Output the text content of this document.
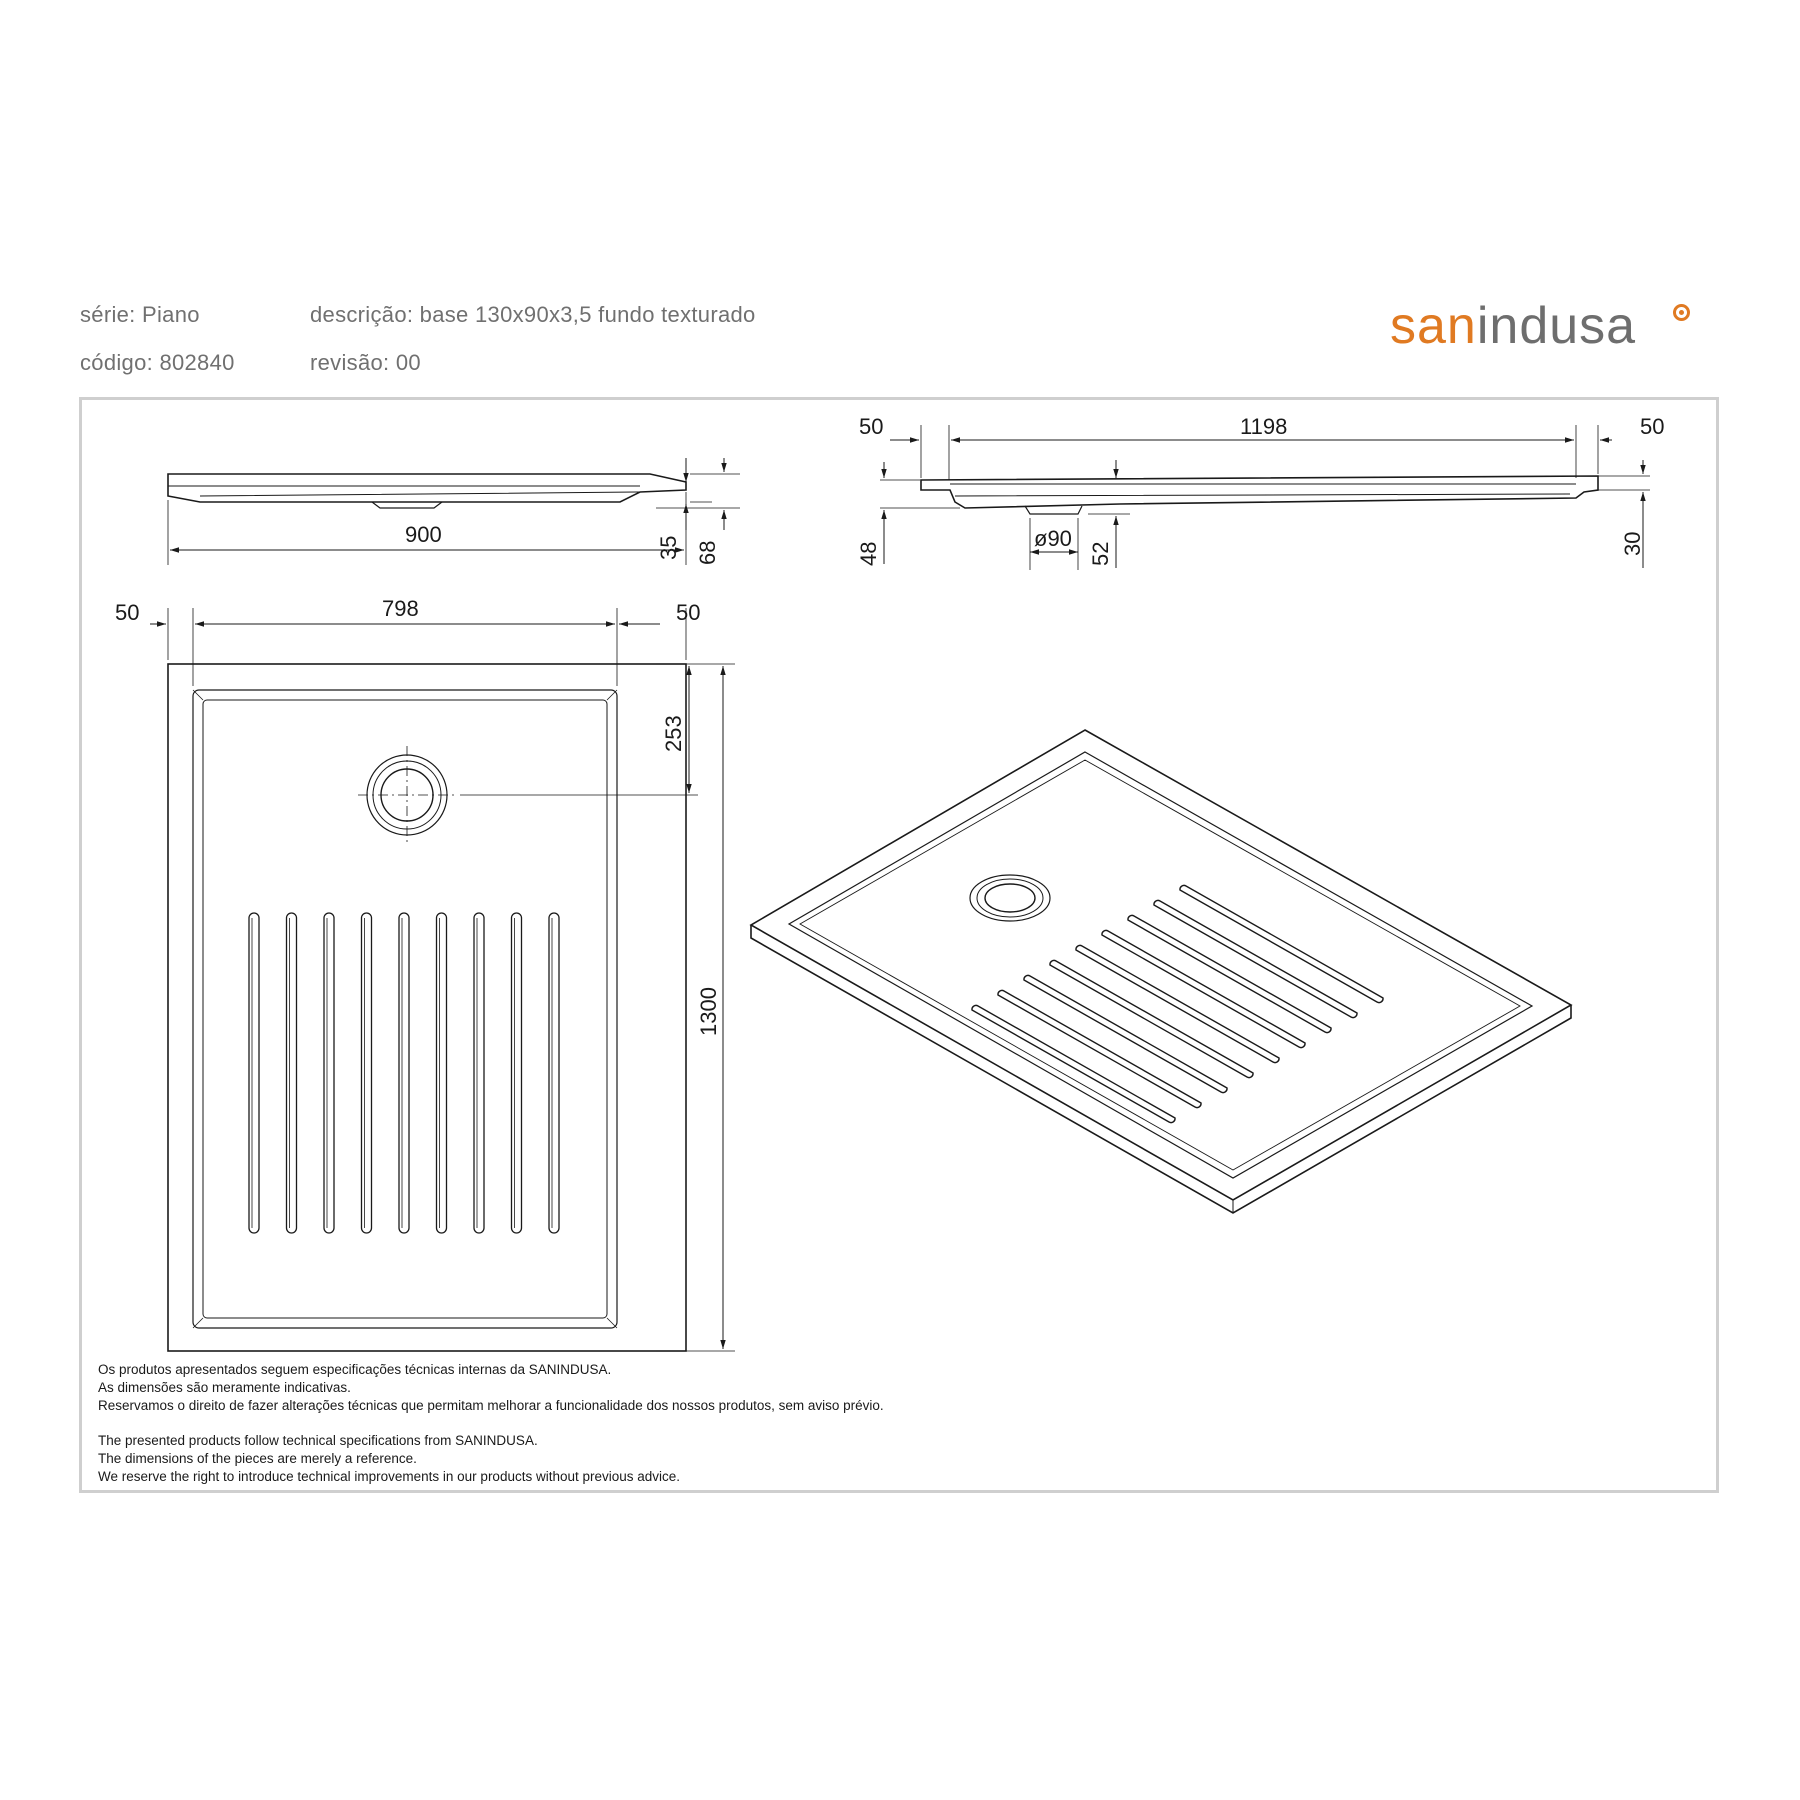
série: Piano	descrição: base 130x90x3,5 fundo texturado
código: 802840	revisão: 00
sanindusa
900
35 68
1198
50	50
48
ø90
52	30
798
50	50
253
1300
Os produtos apresentados seguem especificações técnicas internas da SANINDUSA.
As dimensões são meramente indicativas.
Reservamos o direito de fazer alterações técnicas que permitam melhorar a funcionalidade dos nossos produtos, sem aviso prévio.
The presented products follow technical specifications from SANINDUSA.
The dimensions of the pieces are merely a reference.
We reserve the right to introduce technical improvements in our products without previous advice.
